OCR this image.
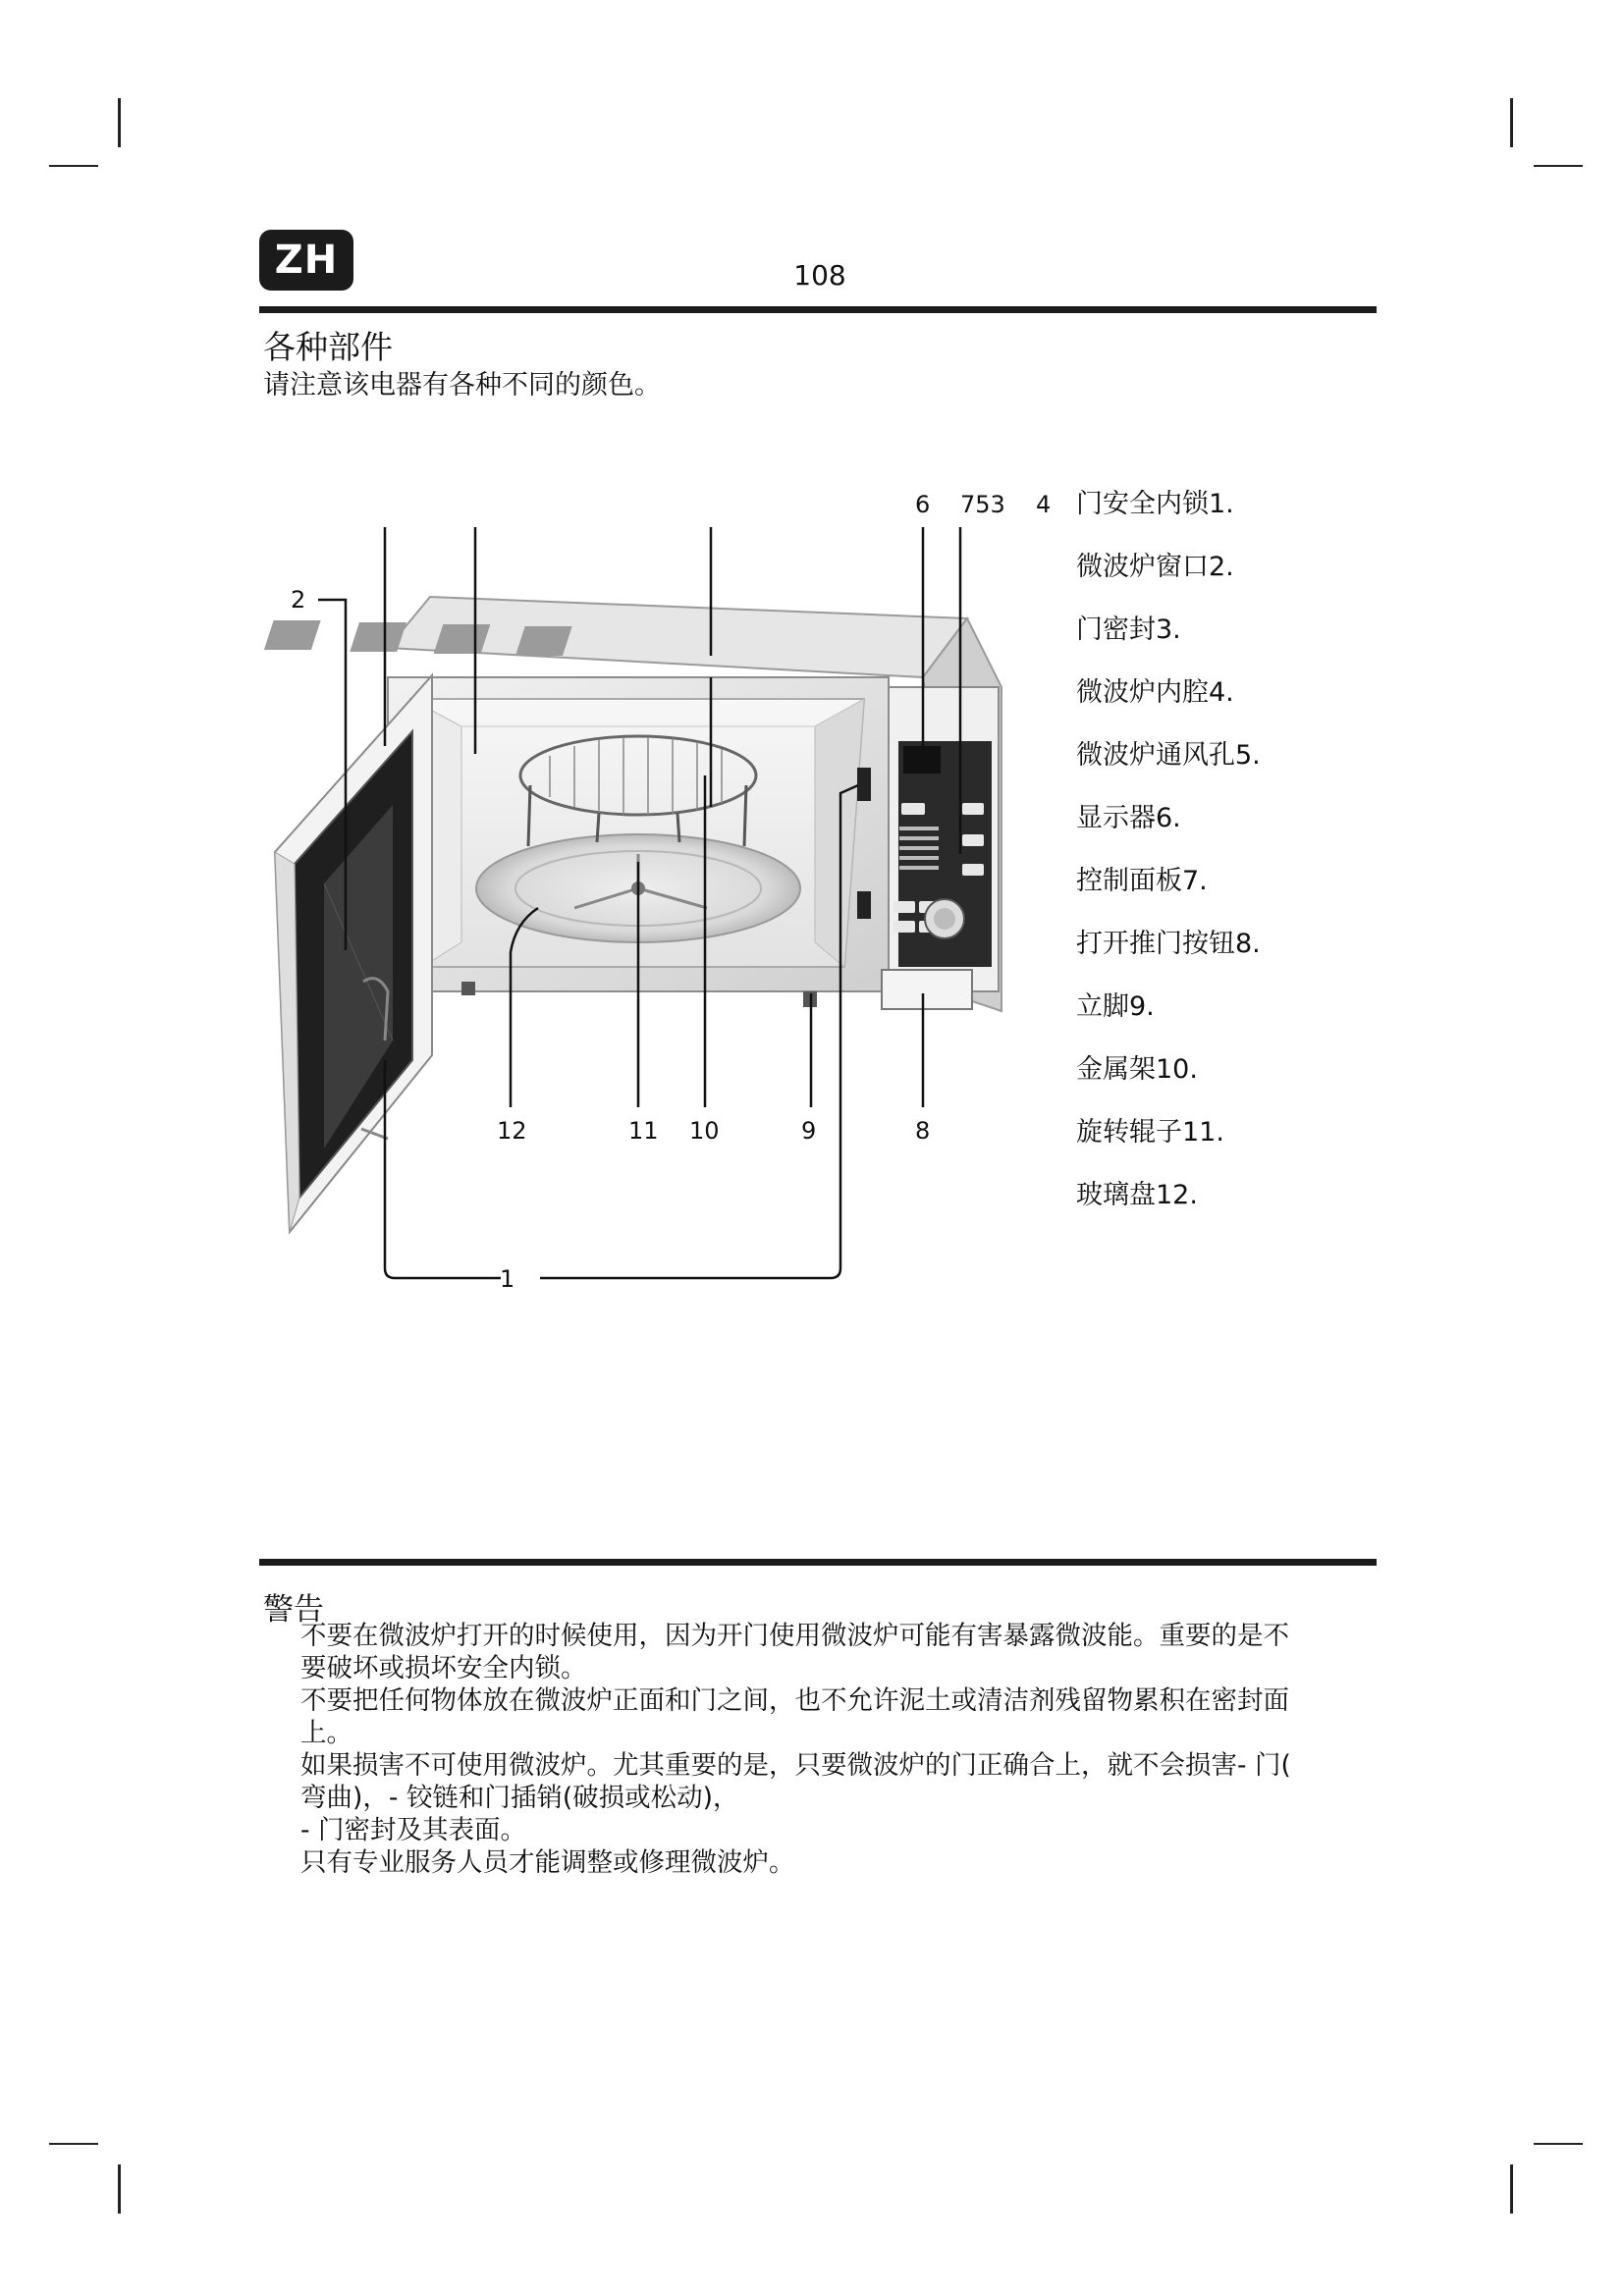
ZH	108
各种部件
请注意该电器有各种不同的颜色。
1
2
6 753 4
12	11 10	9	8
门安全内锁1.
微波炉窗口2.
门密封3.
微波炉内腔4.
微波炉通风孔5.
显示器6.
控制面板7.
打开推门按钮8.
立脚9.
金属架10.
旋转辊子11.
玻璃盘12.
警告

不要在微波炉打开的时候使用，因为开门使用微波炉可能有害暴露微波能。重要的是不

要破坏或损坏安全内锁。

不要把任何物体放在微波炉正面和门之间，也不允许泥土或清洁剂残留物累积在密封面

上。

如果损害不可使用微波炉。尤其重要的是，只要微波炉的门正确合上，就不会损害- 门(

弯曲)，- 铰链和门插销(破损或松动)，

- 门密封及其表面。

只有专业服务人员才能调整或修理微波炉。
